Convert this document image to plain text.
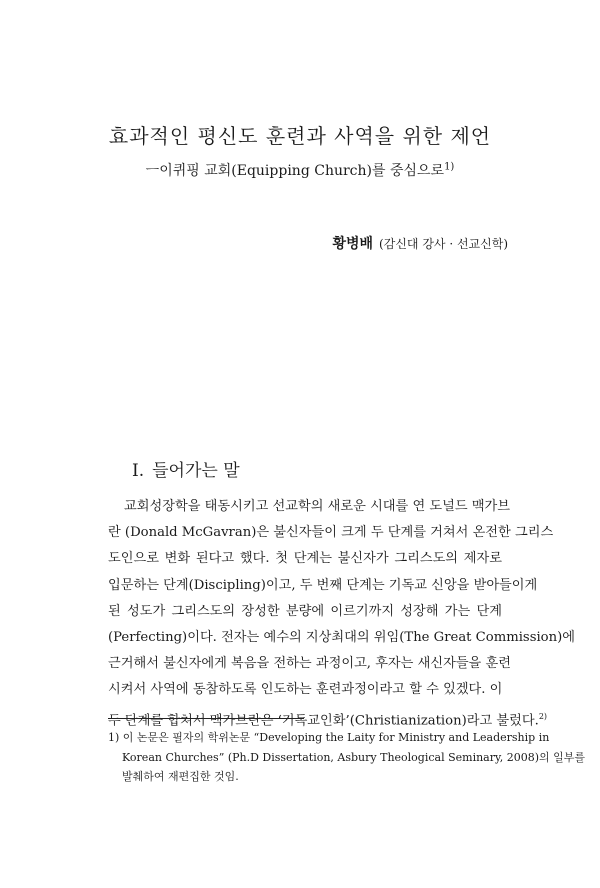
효과적인 평신도 훈련과 사역을 위한 제언
ㅡ이퀴핑 교회(Equipping Church)를 중심으로$^{1)}$
황병배 (감신대 강사 · 선교신학)
I. 들어가는 말
교회성장학을 태동시키고 선교학의 새로운 시대를 연 도널드 맥가브
란 (Donald McGavran)은 불신자들이 크게 두 단계를 거쳐서 온전한 그리스
도인으로 변화 된다고 했다. 첫 단계는 불신자가 그리스도의 제자로
입문하는 단계(Discipling)이고, 두 번째 단계는 기독교 신앙을 받아들이게
된 성도가 그리스도의 장성한 분량에 이르기까지 성장해 가는 단계
(Perfecting)이다. 전자는 예수의 지상최대의 위임(The Great Commission)에
근거해서 불신자에게 복음을 전하는 과정이고, 후자는 새신자들을 훈련
시켜서 사역에 동참하도록 인도하는 훈련과정이라고 할 수 있겠다. 이
두 단계를 합쳐서 맥가브란은 ‘기독교인화’(Christianization)라고 불렀다.$^{2)}$
1) 이 논문은 필자의 학위논문 “Developing the Laity for Ministry and Leadership in
Korean Churches” (Ph.D Dissertation, Asbury Theological Seminary, 2008)의 일부를
발췌하여 재편집한 것임.
